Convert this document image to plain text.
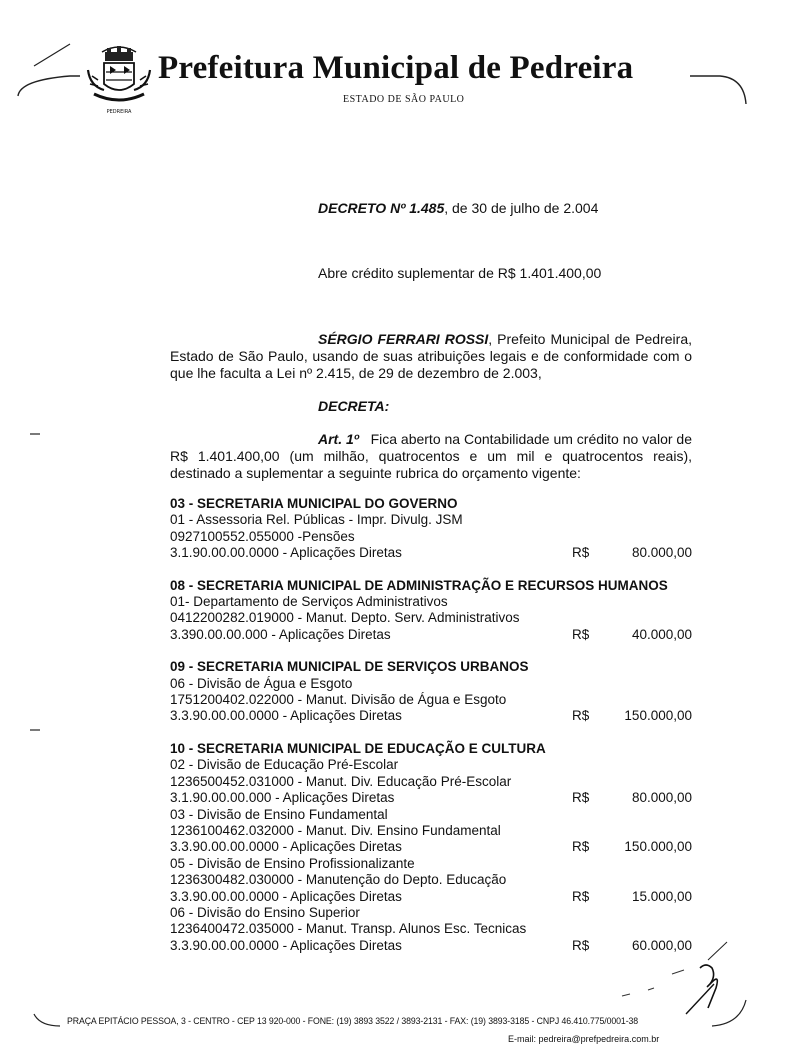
PEDREIRA
Prefeitura Municipal de Pedreira
ESTADO DE SÃO PAULO
DECRETO Nº 1.485, de 30 de julho de 2.004
Abre crédito suplementar de R$ 1.401.400,00
SÉRGIO FERRARI ROSSI, Prefeito Municipal de Pedreira, Estado de São Paulo, usando de suas atribuições legais e de conformidade com o que lhe faculta a Lei nº 2.415, de 29 de dezembro de 2.003,
DECRETA:
Art. 1º Fica aberto na Contabilidade um crédito no valor de R$ 1.401.400,00 (um milhão, quatrocentos e um mil e quatrocentos reais), destinado a suplementar a seguinte rubrica do orçamento vigente:
03 - SECRETARIA MUNICIPAL DO GOVERNO
01 - Assessoria Rel. Públicas - Impr. Divulg. JSM
0927100552.055000 -Pensões
3.1.90.00.00.0000 - Aplicações Diretas	R$	80.000,00
08 - SECRETARIA MUNICIPAL DE ADMINISTRAÇÃO E RECURSOS HUMANOS
01- Departamento de Serviços Administrativos
0412200282.019000 - Manut. Depto. Serv. Administrativos
3.390.00.00.000 - Aplicações Diretas	R$	40.000,00
09 - SECRETARIA MUNICIPAL DE SERVIÇOS URBANOS
06 - Divisão de Água e Esgoto
1751200402.022000 - Manut. Divisão de Água e Esgoto
3.3.90.00.00.0000 - Aplicações Diretas	R$	150.000,00
10 - SECRETARIA MUNICIPAL DE EDUCAÇÃO E CULTURA
02 - Divisão de Educação Pré-Escolar
1236500452.031000 - Manut. Div. Educação Pré-Escolar
3.1.90.00.00.000 - Aplicações Diretas	R$	80.000,00
03 - Divisão de Ensino Fundamental
1236100462.032000 - Manut. Div. Ensino Fundamental
3.3.90.00.00.0000 - Aplicações Diretas	R$	150.000,00
05 - Divisão de Ensino Profissionalizante
1236300482.030000 - Manutenção do Depto. Educação
3.3.90.00.00.0000 - Aplicações Diretas	R$	15.000,00
06 - Divisão do Ensino Superior
1236400472.035000 - Manut. Transp. Alunos Esc. Tecnicas
3.3.90.00.00.0000 - Aplicações Diretas	R$	60.000,00
PRAÇA EPITÁCIO PESSOA, 3 - CENTRO - CEP 13 920-000 - FONE: (19) 3893 3522 / 3893-2131 - FAX: (19) 3893-3185 - CNPJ 46.410.775/0001-38
E-mail: pedreira@prefpedreira.com.br
